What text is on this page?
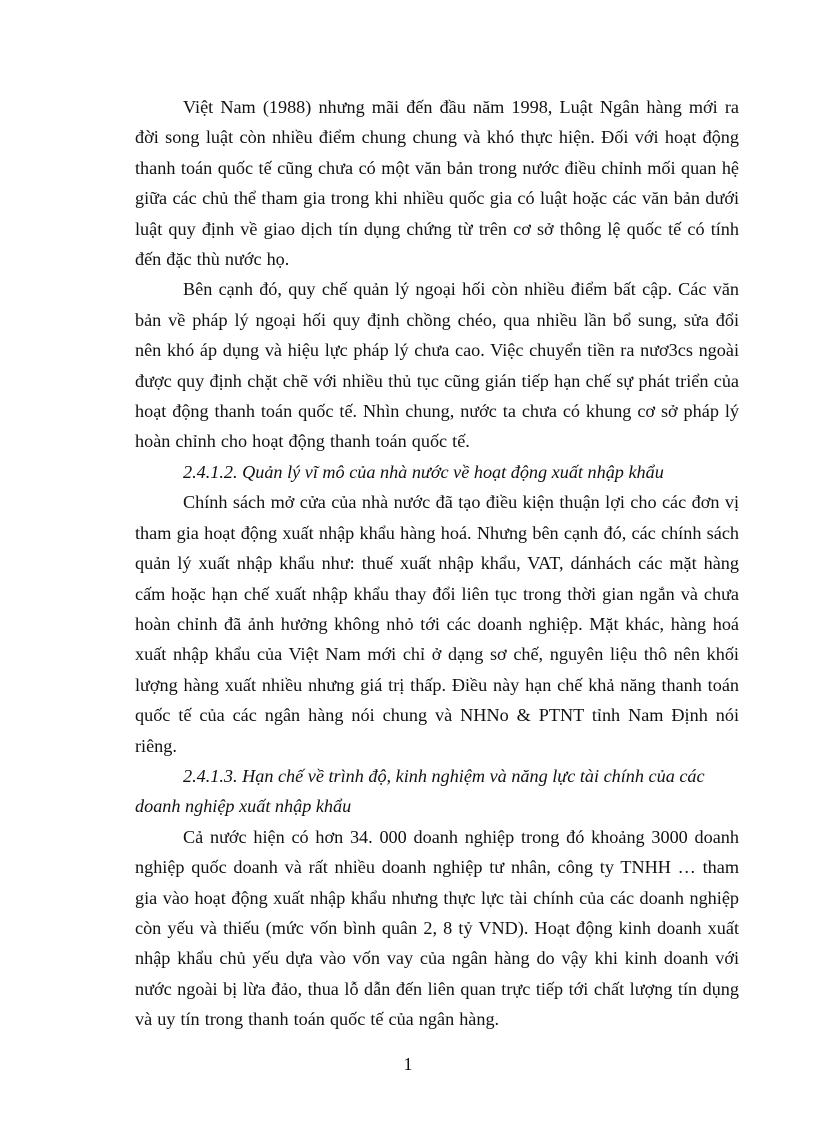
Việt Nam (1988) nhưng mãi đến đầu năm 1998, Luật Ngân hàng mới ra đời song luật còn nhiều điểm chung chung và khó thực hiện. Đối với hoạt động thanh toán quốc tế cũng chưa có một văn bản trong nước điều chỉnh mối quan hệ giữa các chủ thể tham gia trong khi nhiều quốc gia có luật hoặc các văn bản dưới luật quy định về giao dịch tín dụng chứng từ trên cơ sở thông lệ quốc tế có tính đến đặc thù nước họ.

Bên cạnh đó, quy chế quản lý ngoại hối còn nhiều điểm bất cập. Các văn bản về pháp lý ngoại hối quy định chồng chéo, qua nhiều lần bổ sung, sửa đổi nên khó áp dụng và hiệu lực pháp lý chưa cao. Việc chuyển tiền ra nươ3cs ngoài được quy định chặt chẽ với nhiều thủ tục cũng gián tiếp hạn chế sự phát triển của hoạt động thanh toán quốc tế. Nhìn chung, nước ta chưa có khung cơ sở pháp lý hoàn chỉnh cho hoạt động thanh toán quốc tế.

2.4.1.2. Quản lý vĩ mô của nhà nước về hoạt động xuất nhập khẩu

Chính sách mở cửa của nhà nước đã tạo điều kiện thuận lợi cho các đơn vị tham gia hoạt động xuất nhập khẩu hàng hoá. Nhưng bên cạnh đó, các chính sách quản lý xuất nhập khẩu như: thuế xuất nhập khẩu, VAT, dánhách các mặt hàng cấm hoặc hạn chế xuất nhập khẩu thay đổi liên tục trong thời gian ngắn và chưa hoàn chỉnh đã ảnh hưởng không nhỏ tới các doanh nghiệp. Mặt khác, hàng hoá xuất nhập khẩu của Việt Nam mới chỉ ở dạng sơ chế, nguyên liệu thô nên khối lượng hàng xuất nhiều nhưng giá trị thấp. Điều này hạn chế khả năng thanh toán quốc tế của các ngân hàng nói chung và NHNo & PTNT tỉnh Nam Định nói riêng.

2.4.1.3. Hạn chế về trình độ, kinh nghiệm và năng lực tài chính của các doanh nghiệp xuất nhập khẩu

Cả nước hiện có hơn 34. 000 doanh nghiệp trong đó khoảng 3000 doanh nghiệp quốc doanh và rất nhiều doanh nghiệp tư nhân, công ty TNHH … tham gia vào hoạt động xuất nhập khẩu nhưng thực lực tài chính của các doanh nghiệp còn yếu và thiếu (mức vốn bình quân 2, 8 tỷ VND). Hoạt động kinh doanh xuất nhập khẩu chủ yếu dựa vào vốn vay của ngân hàng do vậy khi kinh doanh với nước ngoài bị lừa đảo, thua lỗ dẫn đến liên quan trực tiếp tới chất lượng tín dụng và uy tín trong thanh toán quốc tế của ngân hàng.

1
